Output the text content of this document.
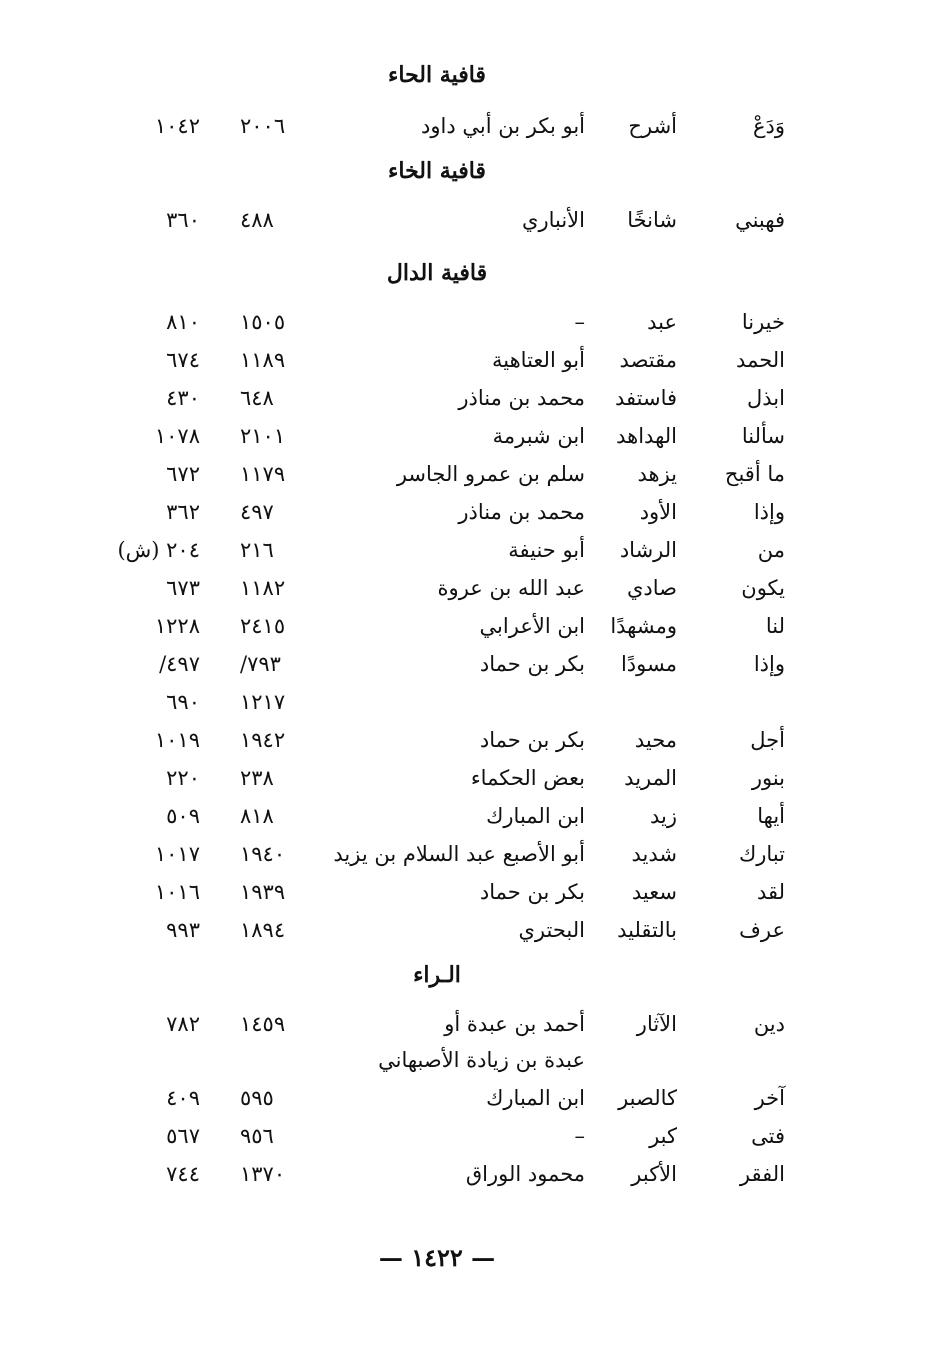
قافية الحاء
وَدَعْ
أشرح
أبو بكر بن أبي داود
٢٠٠٦
١٠٤٢
قافية الخاء
فهبني
شانخًا
الأنباري
٤٨٨
٣٦٠
قافية الدال
خيرنا
عبد
–
١٥٠٥
٨١٠
الحمد
مقتصد
أبو العتاهية
١١٨٩
٦٧٤
ابذل
فاستفد
محمد بن مناذر
٦٤٨
٤٣٠
سألنا
الهداهد
ابن شبرمة
٢١٠١
١٠٧٨
ما أقبح
يزهد
سلم بن عمرو الجاسر
١١٧٩
٦٧٢
وإذا
الأود
محمد بن مناذر
٤٩٧
٣٦٢
من
الرشاد
أبو حنيفة
٢١٦
٢٠٤ (ش)
يكون
صادي
عبد الله بن عروة
١١٨٢
٦٧٣
لنا
ومشهدًا
ابن الأعرابي
٢٤١٥
١٢٢٨
وإذا
مسودًا
بكر بن حماد
/٧٩٣
/٤٩٧
١٢١٧
٦٩٠
أجل
محيد
بكر بن حماد
١٩٤٢
١٠١٩
بنور
المريد
بعض الحكماء
٢٣٨
٢٢٠
أيها
زيد
ابن المبارك
٨١٨
٥٠٩
تبارك
شديد
أبو الأصبع عبد السلام بن يزيد
١٩٤٠
١٠١٧
لقد
سعيد
بكر بن حماد
١٩٣٩
١٠١٦
عرف
بالتقليد
البحتري
١٨٩٤
٩٩٣
الـراء
دين
الآثار
أحمد بن عبدة أو
١٤٥٩
٧٨٢
عبدة بن زيادة الأصبهاني
آخر
كالصبر
ابن المبارك
٥٩٥
٤٠٩
فتى
كبر
–
٩٥٦
٥٦٧
الفقر
الأكبر
محمود الوراق
١٣٧٠
٧٤٤
— ١٤٢٢ —
